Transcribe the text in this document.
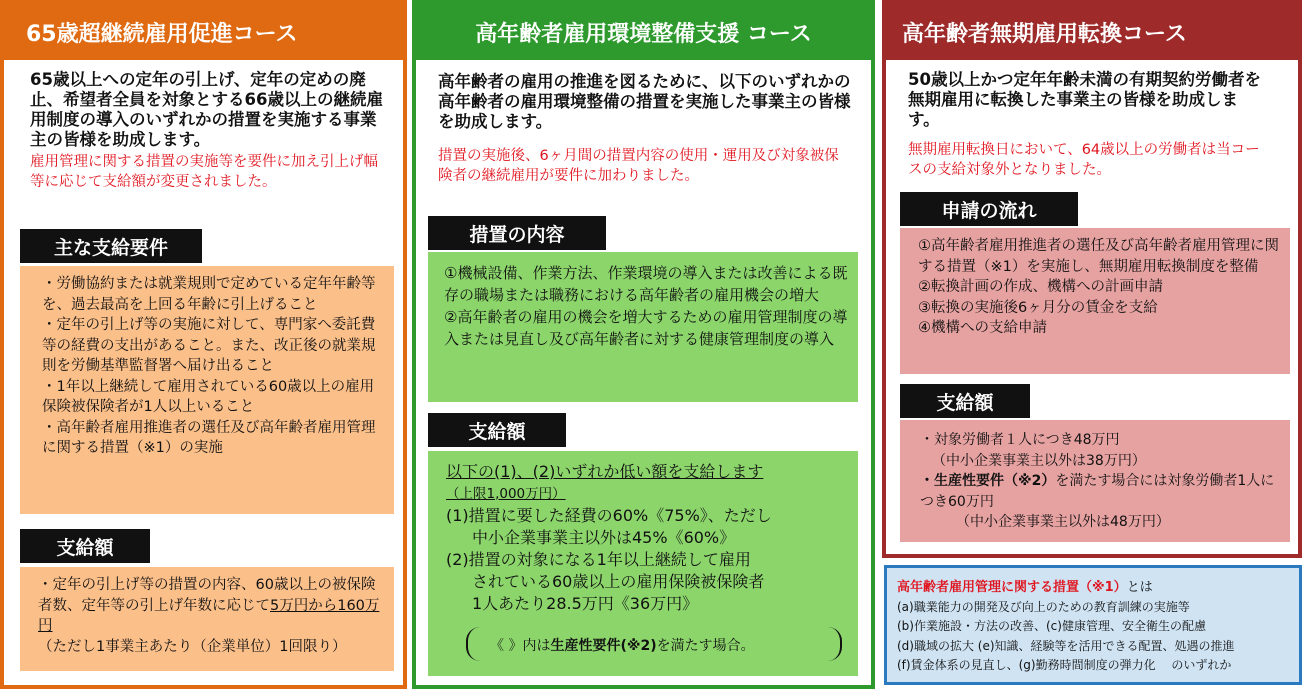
65歳超継続雇用促進コース

65歳以上への定年の引上げ、定年の定めの廃止、希望者全員を対象とする66歳以上の継続雇用制度の導入のいずれかの措置を実施する事業主の皆様を助成します。

雇用管理に関する措置の実施等を要件に加え引上げ幅等に応じて支給額が変更されました。

主な支給要件

・労働協約または就業規則で定めている定年年齢等を、過去最高を上回る年齢に引上げること

・定年の引上げ等の実施に対して、専門家へ委託費等の経費の支出があること。また、改正後の就業規則を労働基準監督署へ届け出ること

・1年以上継続して雇用されている60歳以上の雇用保険被保険者が1人以上いること

・高年齢者雇用推進者の選任及び高年齢者雇用管理に関する措置（※1）の実施

支給額
・定年の引上げ等の措置の内容、60歳以上の被保険者数、定年等の引上げ年数に応じて5万円から160万円

（ただし1事業主あたり（企業単位）1回限り）

高年齢者雇用環境整備支援 コース

高年齢者の雇用の推進を図るために、以下のいずれかの高年齢者の雇用環境整備の措置を実施した事業主の皆様を助成します。

措置の実施後、6ヶ月間の措置内容の使用・運用及び対象被保険者の継続雇用が要件に加わりました。

措置の内容

①機械設備、作業方法、作業環境の導入または改善による既存の職場または職務における高年齢者の雇用機会の増大

②高年齢者の雇用の機会を増大するための雇用管理制度の導入または見直し及び高年齢者に対する健康管理制度の導入

支給額

以下の(1)、(2)いずれか低い額を支給します

（上限1,000万円）

(1)措置に要した経費の60%《75%》、ただし

中小企業事業主以外は45%《60%》

(2)措置の対象になる1年以上継続して雇用

されている60歳以上の雇用保険被保険者

1人あたり28.5万円《36万円》

《 》内は生産性要件(※2)を満たす場合。

高年齢者無期雇用転換コース

50歳以上かつ定年年齢未満の有期契約労働者を無期雇用に転換した事業主の皆様を助成します。

無期雇用転換日において、64歳以上の労働者は当コースの支給対象外となりました。

申請の流れ

①高年齢者雇用推進者の選任及び高年齢者雇用管理に関する措置（※1）を実施し、無期雇用転換制度を整備

②転換計画の作成、機構への計画申請

③転換の実施後6ヶ月分の賃金を支給

④機構への支給申請

支給額

・対象労働者１人につき48万円

（中小企業事業主以外は38万円）

・生産性要件（※2）を満たす場合には対象労働者1人につき60万円

（中小企業事業主以外は48万円）

高年齢者雇用管理に関する措置（※1）とは

(a)職業能力の開発及び向上のための教育訓練の実施等

(b)作業施設・方法の改善、(c)健康管理、安全衛生の配慮

(d)職域の拡大 (e)知識、経験等を活用できる配置、処遇の推進

(f)賃金体系の見直し、(g)勤務時間制度の弾力化　 のいずれか
